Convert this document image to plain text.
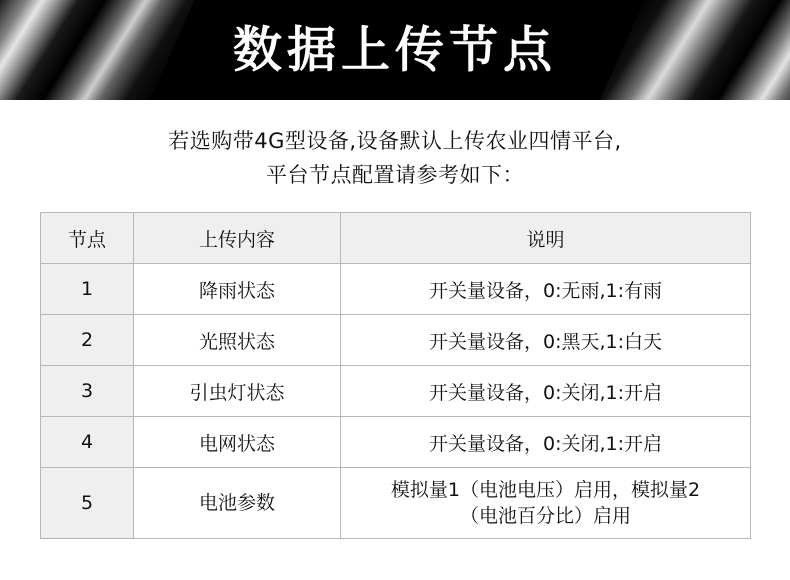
数据上传节点
若选购带4G型设备,设备默认上传农业四情平台,
平台节点配置请参考如下：
节点	上传内容	说明
1	降雨状态	开关量设备，0:无雨,1:有雨
2	光照状态	开关量设备，0:黑天,1:白天
3	引虫灯状态	开关量设备，0:关闭,1:开启
4	电网状态	开关量设备，0:关闭,1:开启
5	电池参数	模拟量1（电池电压）启用，模拟量2
（电池百分比）启用
